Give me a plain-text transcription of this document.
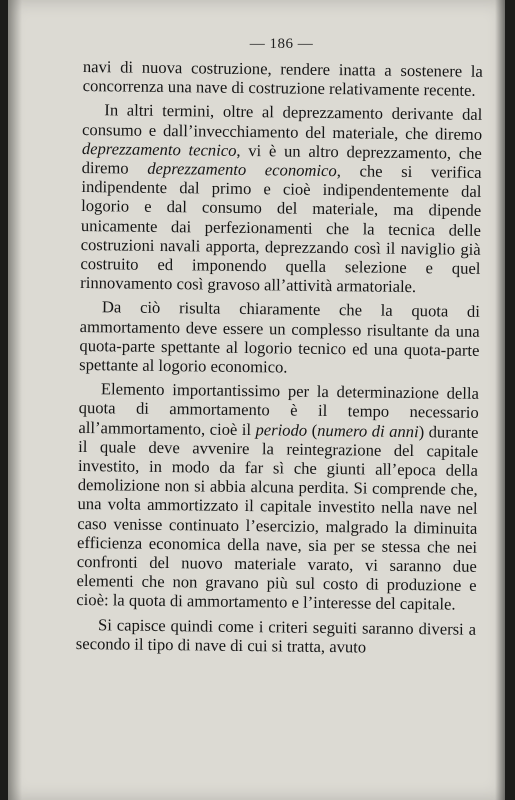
— 186 —

navi di nuova costruzione, rendere inatta a sostenere la concorrenza una nave di costruzione relativamente recente.

In altri termini, oltre al deprezzamento derivante dal consumo e dall’invecchiamento del materiale, che diremo deprezzamento tecnico, vi è un altro deprezzamento, che diremo deprezzamento economico, che si verifica indipendente dal primo e cioè indipendentemente dal logorio e dal consumo del materiale, ma dipende unicamente dai perfezionamenti che la tecnica delle costruzioni navali apporta, deprezzando così il naviglio già costruito ed imponendo quella selezione e quel rinnovamento così gravoso all’attività armatoriale.

Da ciò risulta chiaramente che la quota di ammortamento deve essere un complesso risultante da una quota-parte spettante al logorio tecnico ed una quota-parte spettante al logorio economico.

Elemento importantissimo per la determinazione della quota di ammortamento è il tempo necessario all’ammortamento, cioè il periodo (numero di anni) durante il quale deve avvenire la reintegrazione del capitale investito, in modo da far sì che giunti all’epoca della demolizione non si abbia alcuna perdita. Si comprende che, una volta ammortizzato il capitale investito nella nave nel caso venisse continuato l’esercizio, malgrado la diminuita efficienza economica della nave, sia per se stessa che nei confronti del nuovo materiale varato, vi saranno due elementi che non gravano più sul costo di produzione e cioè: la quota di ammortamento e l’interesse del capitale.

Si capisce quindi come i criteri seguiti saranno diversi a secondo il tipo di nave di cui si tratta, avuto
